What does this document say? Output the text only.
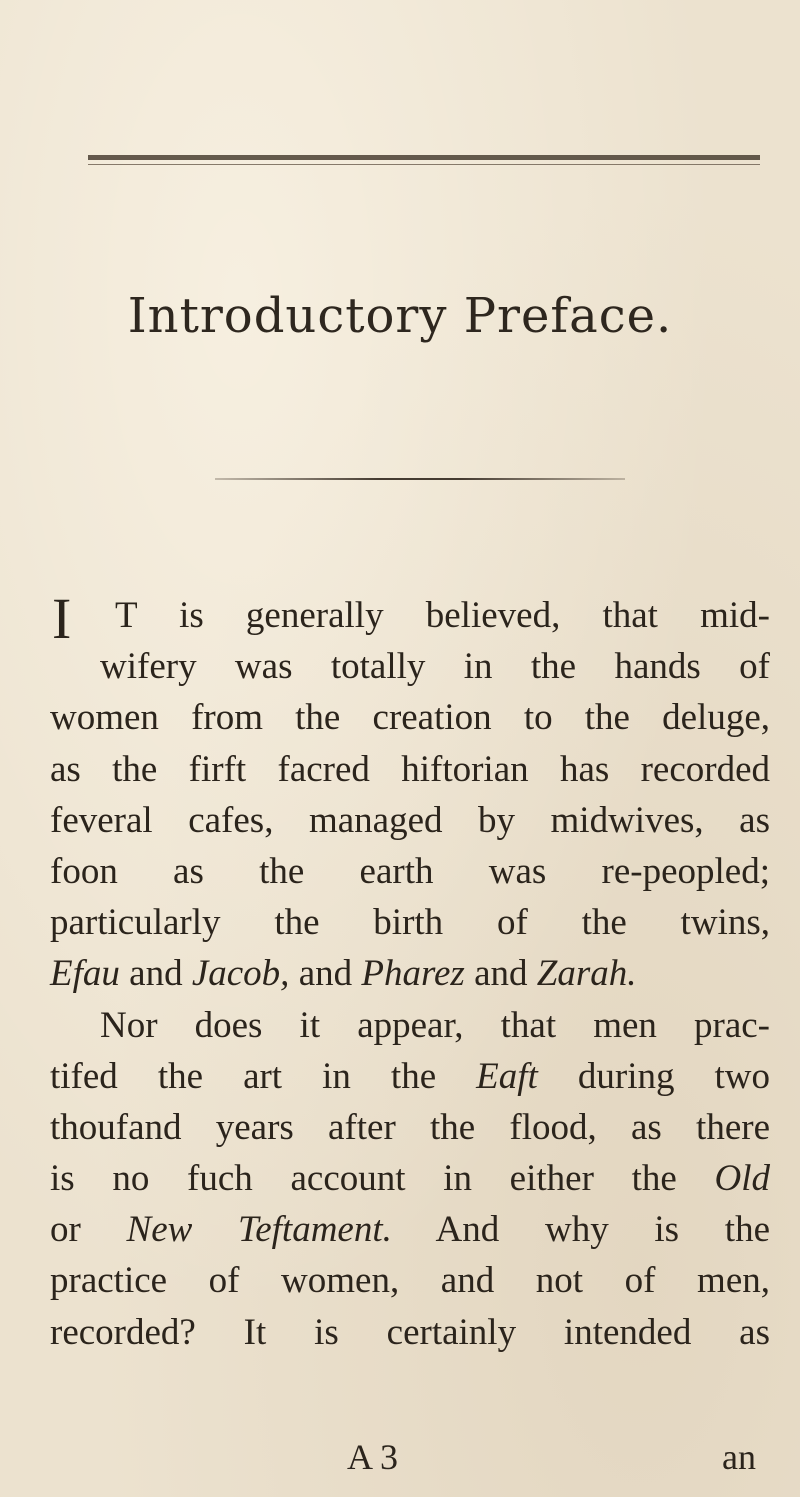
Introductory Preface.
I	T is generally believed, that mid-
wifery was totally in the hands of
women from the creation to the deluge,
as the firft facred hiftorian has recorded
feveral cafes, managed by midwives, as
foon as the earth was re-peopled;
particularly the birth of the twins,
Efau and Jacob, and Pharez and Zarah.
Nor does it appear, that men prac-
tifed the art in the Eaft during two
thoufand years after the flood, as there
is no fuch account in either the Old
or New Teftament. And why is the
practice of women, and not of men,
recorded? It is certainly intended as
A 3	an
